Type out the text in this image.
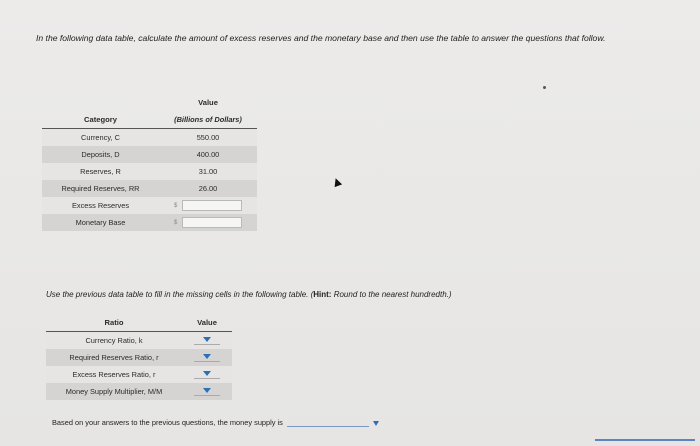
In the following data table, calculate the amount of excess reserves and the monetary base and then use the table to answer the questions that follow.
	Value
Category	(Billions of Dollars)
Currency, C	550.00
Deposits, D	400.00
Reserves, R	31.00
Required Reserves, RR	26.00
Excess Reserves	$
Monetary Base	$
Use the previous data table to fill in the missing cells in the following table. (Hint: Round to the nearest hundredth.)
Ratio	Value
Currency Ratio, k	
Required Reserves Ratio, r	
Excess Reserves Ratio, r	
Money Supply Multiplier, M/M	
Based on your answers to the previous questions, the money supply is
